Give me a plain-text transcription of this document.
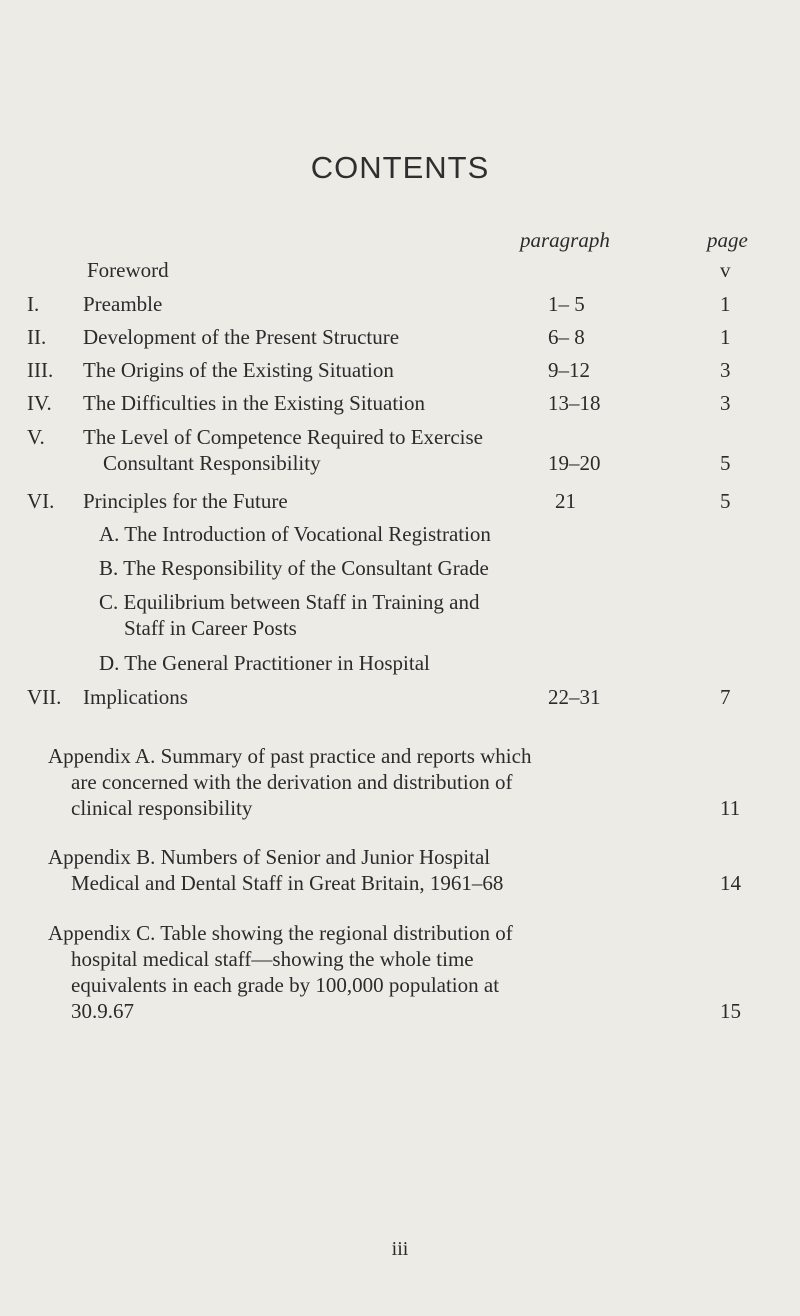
CONTENTS
paragraph	page
Foreword	v
I.	Preamble	1– 5	1
II.	Development of the Present Structure	6– 8	1
III.	The Origins of the Existing Situation	9–12	3
IV.	The Difficulties in the Existing Situation	13–18	3
V.	The Level of Competence Required to Exercise
Consultant Responsibility	19–20	5
VI.	Principles for the Future	21	5
A. The Introduction of Vocational Registration
B. The Responsibility of the Consultant Grade
C. Equilibrium between Staff in Training and
Staff in Career Posts
D. The General Practitioner in Hospital
VII. Implications	22–31	7
Appendix A. Summary of past practice and reports which
are concerned with the derivation and distribution of
clinical responsibility	11
Appendix B. Numbers of Senior and Junior Hospital
Medical and Dental Staff in Great Britain, 1961–68	14
Appendix C. Table showing the regional distribution of
hospital medical staff—showing the whole time
equivalents in each grade by 100,000 population at
30.9.67	15
iii
